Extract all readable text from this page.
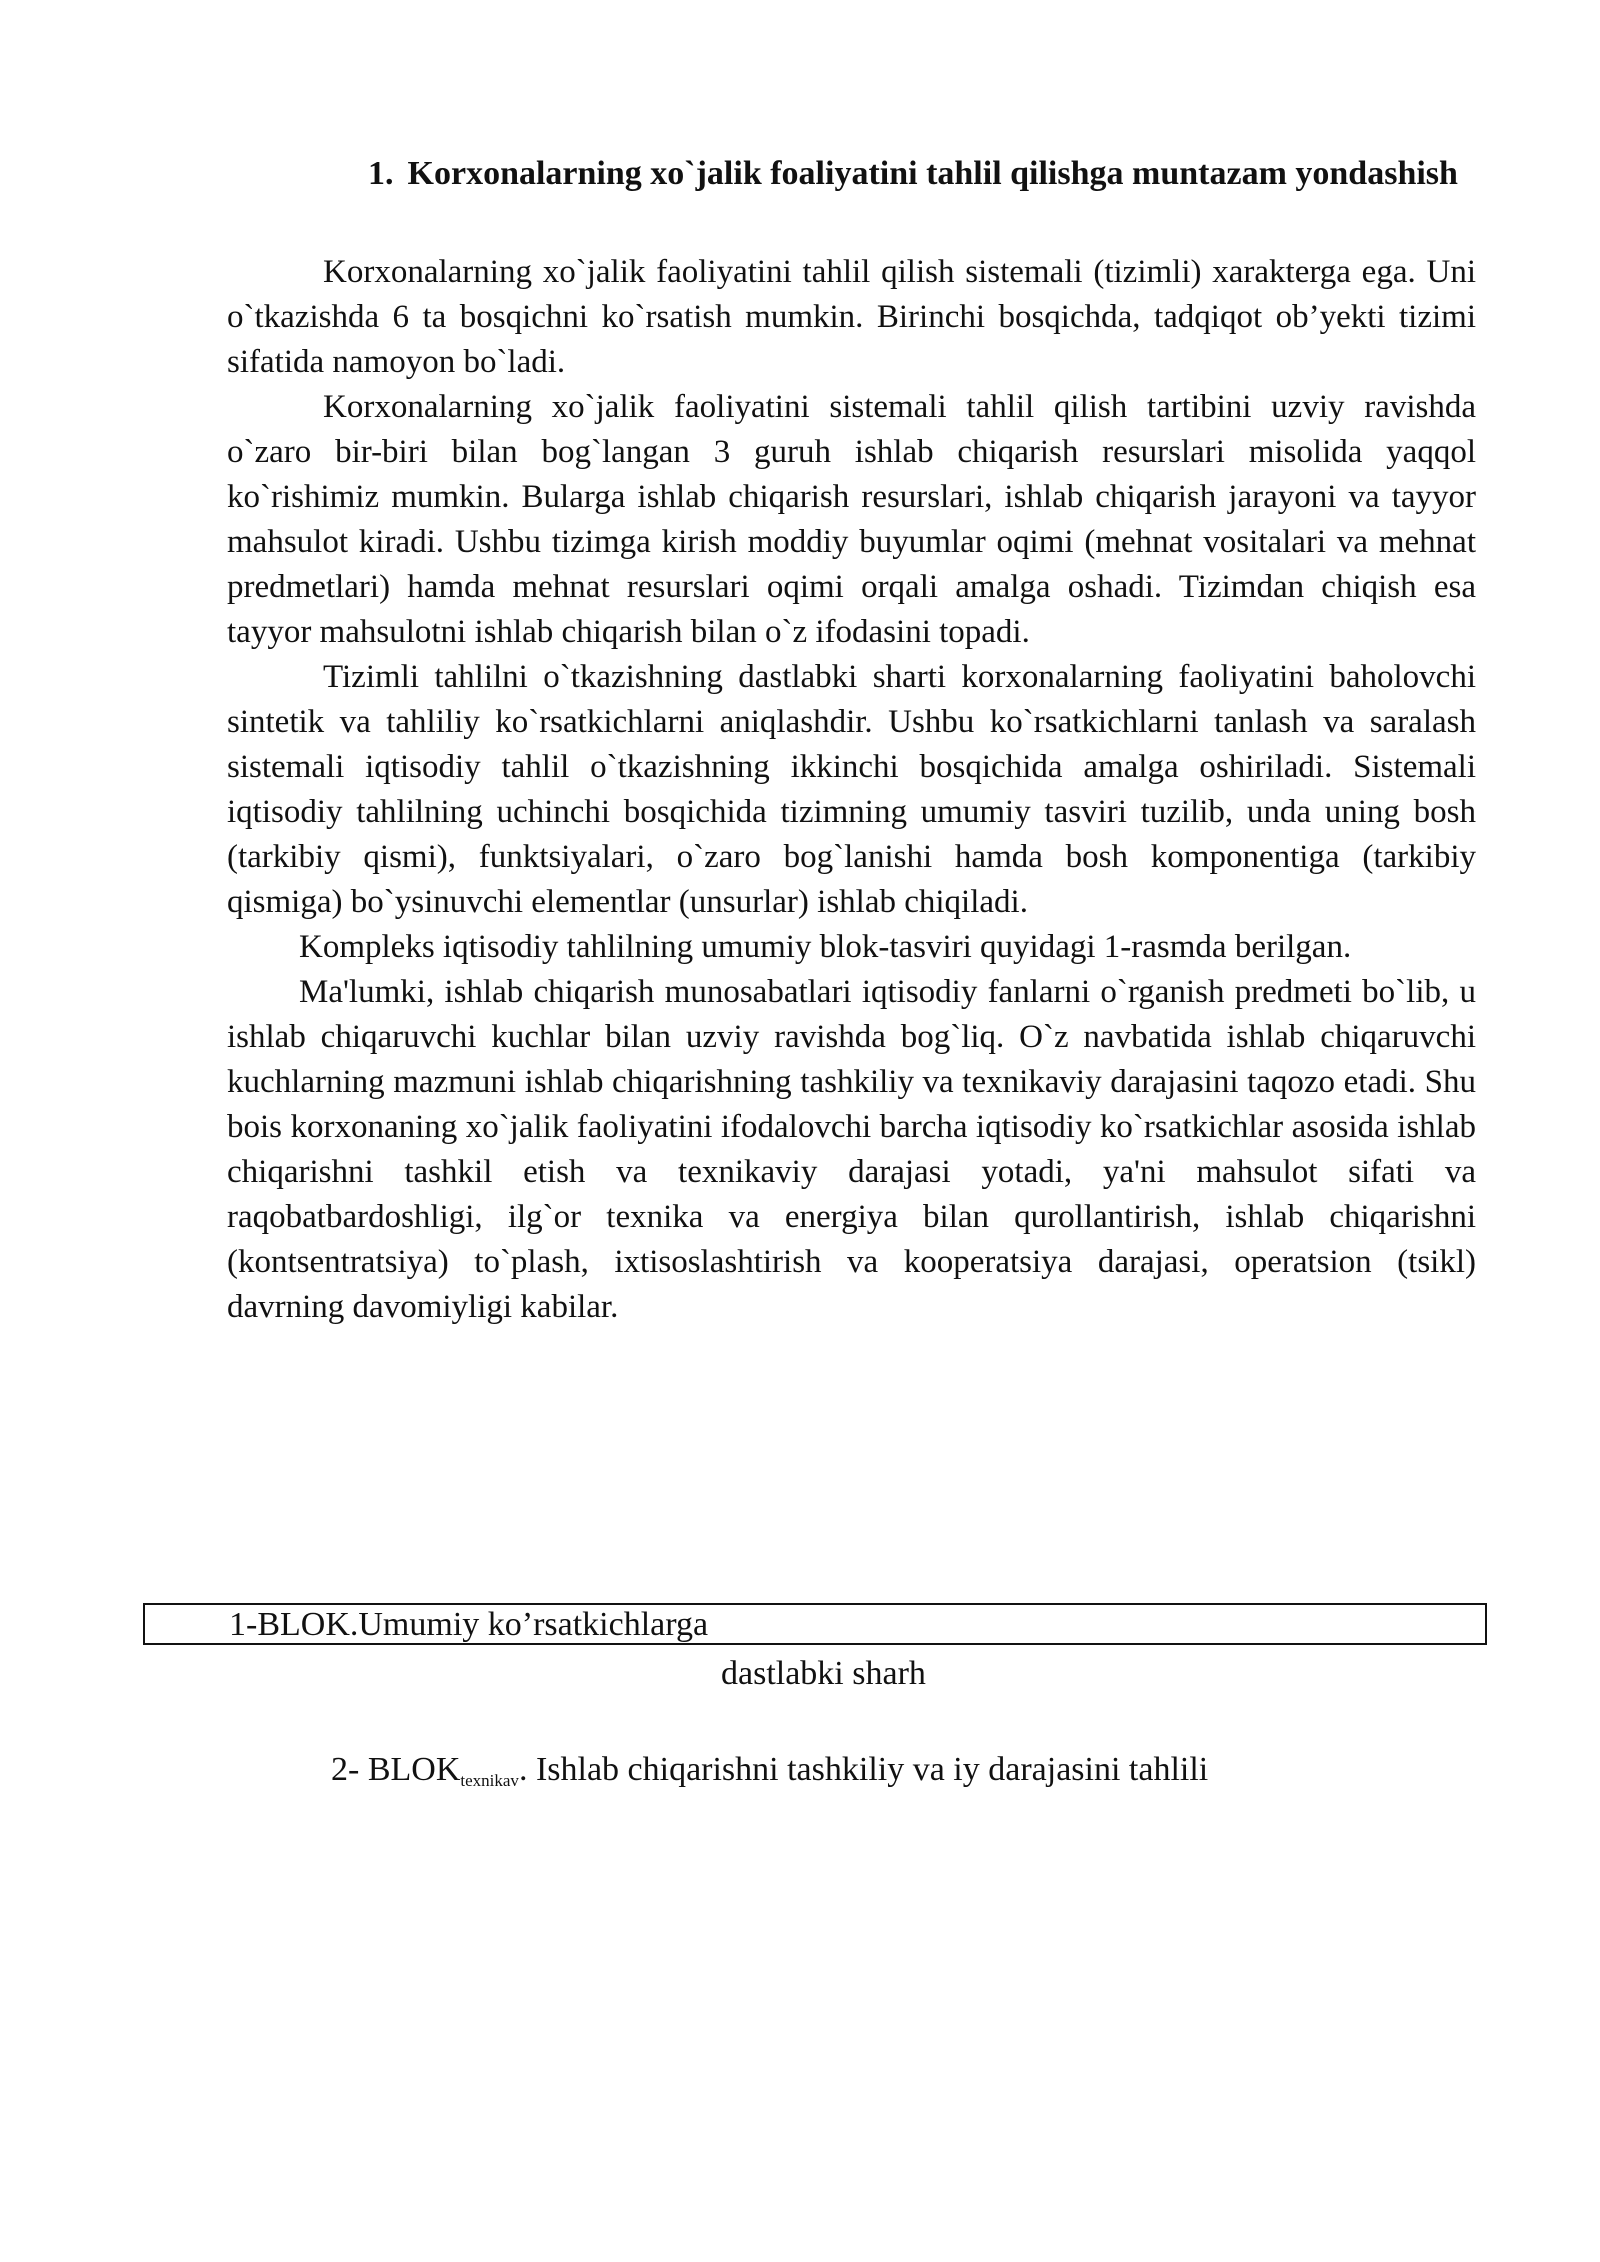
1. Korxonalarning xo`jalik foaliyatini tahlil qilishga muntazam yondashish

Korxonalarning xo`jalik faoliyatini tahlil qilish sistemali (tizimli) xarakterga ega. Uni o`tkazishda 6 ta bosqichni ko`rsatish mumkin. Birinchi bosqichda, tadqiqot ob’yekti tizimi sifatida namoyon bo`ladi.

Korxonalarning xo`jalik faoliyatini sistemali tahlil qilish tartibini uzviy ravishda o`zaro bir-biri bilan bog`langan 3 guruh ishlab chiqarish resurslari misolida yaqqol ko`rishimiz mumkin. Bularga ishlab chiqarish resurslari, ishlab chiqarish jarayoni va tayyor mahsulot kiradi. Ushbu tizimga kirish moddiy buyumlar oqimi (mehnat vositalari va mehnat predmetlari) hamda mehnat resurslari oqimi orqali amalga oshadi. Tizimdan chiqish esa tayyor mahsulotni ishlab chiqarish bilan o`z ifodasini topadi.

Tizimli tahlilni o`tkazishning dastlabki sharti korxonalarning faoliyatini baholovchi sintetik va tahliliy ko`rsatkichlarni aniqlashdir. Ushbu ko`rsatkichlarni tanlash va saralash sistemali iqtisodiy tahlil o`tkazishning ikkinchi bosqichida amalga oshiriladi. Sistemali iqtisodiy tahlilning uchinchi bosqichida tizimning umumiy tasviri tuzilib, unda uning bosh (tarkibiy qismi), funktsiyalari, o`zaro bog`lanishi hamda bosh komponentiga (tarkibiy qismiga) bo`ysinuvchi elementlar (unsurlar) ishlab chiqiladi.

Kompleks iqtisodiy tahlilning umumiy blok-tasviri quyidagi 1-rasmda berilgan.

Ma'lumki, ishlab chiqarish munosabatlari iqtisodiy fanlarni o`rganish predmeti bo`lib, u ishlab chiqaruvchi kuchlar bilan uzviy ravishda bog`liq. O`z navbatida ishlab chiqaruvchi kuchlarning mazmuni ishlab chiqarishning tashkiliy va texnikaviy darajasini taqozo etadi. Shu bois korxonaning xo`jalik faoliyatini ifodalovchi barcha iqtisodiy ko`rsatkichlar asosida ishlab chiqarishni tashkil etish va texnikaviy darajasi yotadi, ya'ni mahsulot sifati va raqobatbardoshligi, ilg`or texnika va energiya bilan qurollantirish, ishlab chiqarishni (kontsentratsiya) to`plash, ixtisoslashtirish va kooperatsiya darajasi, operatsion (tsikl) davrning davomiyligi kabilar.

1-BLOK.Umumiy ko’rsatkichlarga
dastlabki sharh
2- $BLOK_{texnikav}$. Ishlab chiqarishni tashkiliy va iy darajasini tahlili
